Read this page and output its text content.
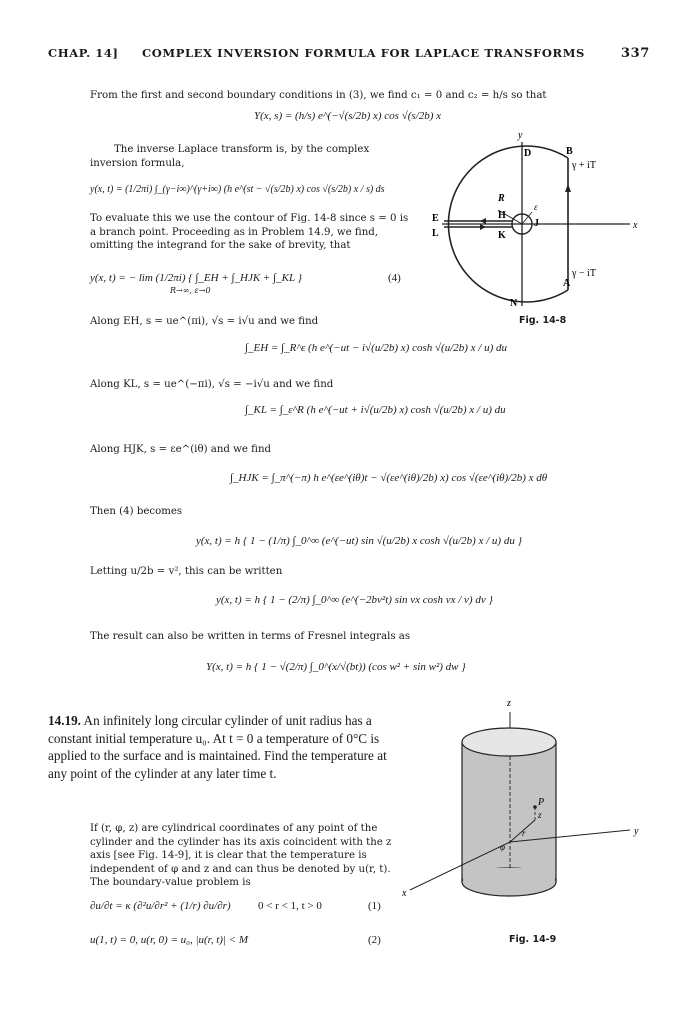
CHAP. 14] COMPLEX INVERSION FORMULA FOR LAPLACE TRANSFORMS	337
From the first and second boundary conditions in (3), we find c₁ = 0 and c₂ = h/s so that
Y(x, s) = (h/s) e^(−√(s/2b) x) cos √(s/2b) x
The inverse Laplace transform is, by the complex inversion formula,
y(x, t) = (1/2πi) ∫_(γ−i∞)^(γ+i∞) (h e^(st − √(s/2b) x) cos √(s/2b) x / s) ds
To evaluate this we use the contour of Fig. 14-8 since s = 0 is a branch point. Proceeding as in Problem 14.9, we find, omitting the integrand for the sake of brevity, that
y(x, t) = − lim (1/2πi) { ∫_EH + ∫_HJK + ∫_KL }
R→∞, ε→0
(4)
Along EH, s = ue^(πi), √s = i√u and we find
∫_EH = ∫_R^ε (h e^(−ut − i√(u/2b) x) cosh √(u/2b) x / u) du
Along KL, s = ue^(−πi), √s = −i√u and we find
∫_KL = ∫_ε^R (h e^(−ut + i√(u/2b) x) cosh √(u/2b) x / u) du
Along HJK, s = εe^(iθ) and we find
∫_HJK = ∫_π^(−π) h e^(εe^(iθ)t − √(εe^(iθ)/2b) x) cos √(εe^(iθ)/2b) x dθ
Then (4) becomes
y(x, t) = h { 1 − (1/π) ∫_0^∞ (e^(−ut) sin √(u/2b) x cosh √(u/2b) x / u) du }
Letting u/2b = v², this can be written
y(x, t) = h { 1 − (2/π) ∫_0^∞ (e^(−2bv²t) sin vx cosh vx / v) dv }
The result can also be written in terms of Fresnel integrals as
Y(x, t) = h { 1 − √(2/π) ∫_0^(x/√(bt)) (cos w² + sin w²) dw }
y
x
D	B
γ + iT
R
H
J
E
L	K
ε
γ − iT
A
N
Fig. 14-8
14.19. An infinitely long circular cylinder of unit radius has a constant initial temperature u₀. At t = 0 a temperature of 0°C is applied to the surface and is maintained. Find the temperature at any point of the cylinder at any later time t.
If (r, φ, z) are cylindrical coordinates of any point of the cylinder and the cylinder has its axis coincident with the z axis [see Fig. 14-9], it is clear that the temperature is independent of φ and z and can thus be denoted by u(r, t). The boundary-value problem is
∂u/∂t = κ (∂²u/∂r² + (1/r) ∂u/∂r) 0 < r < 1, t > 0	(1)
u(1, t) = 0, u(r, 0) = u₀, |u(r, t)| < M	(2)
z
y
x
P
z
r
φ
Fig. 14-9
